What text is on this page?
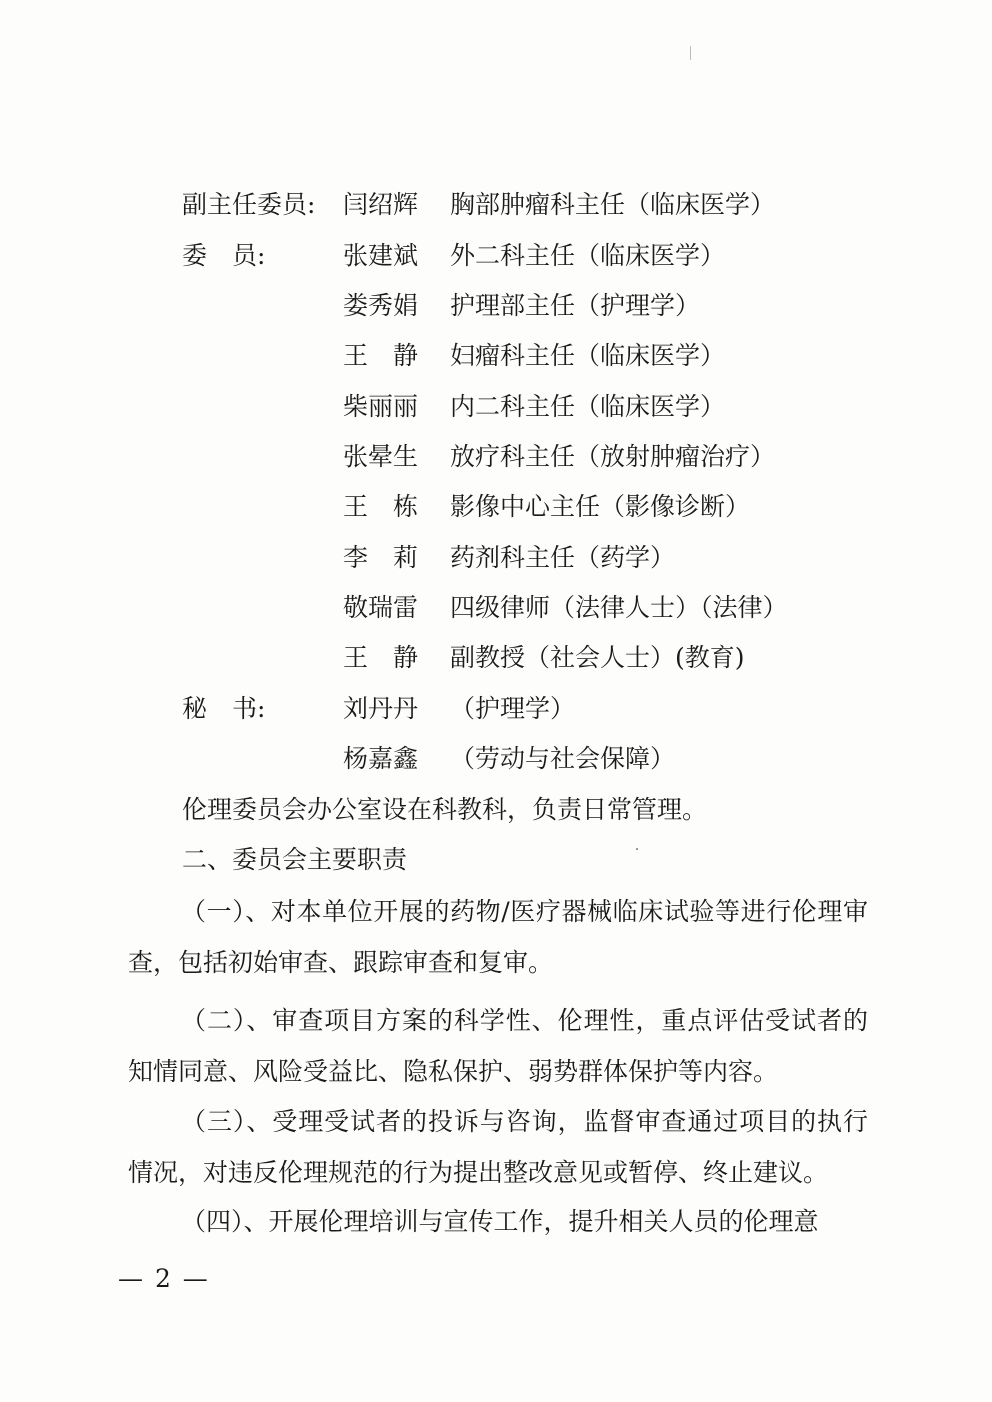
副主任委员: 闫绍辉 胸部肿瘤科主任（临床医学）
委　员:	张建斌 外二科主任（临床医学）
娄秀娟 护理部主任（护理学）
王　静 妇瘤科主任（临床医学）
柴丽丽 内二科主任（临床医学）
张晕生 放疗科主任（放射肿瘤治疗）
王　栋 影像中心主任（影像诊断）
李　莉 药剂科主任（药学）
敬瑞雷 四级律师（法律人士）（法律）
王　静 副教授（社会人士）(教育)
秘　书:	刘丹丹 （护理学）
杨嘉鑫 （劳动与社会保障）
伦理委员会办公室设在科教科，负责日常管理。
二、委员会主要职责
（一）、对本单位开展的药物/医疗器械临床试验等进行伦理审查，包括初始审查、跟踪审查和复审。
（二）、审查项目方案的科学性、伦理性，重点评估受试者的知情同意、风险受益比、隐私保护、弱势群体保护等内容。
（三）、受理受试者的投诉与咨询，监督审查通过项目的执行情况，对违反伦理规范的行为提出整改意见或暂停、终止建议。
（四）、开展伦理培训与宣传工作，提升相关人员的伦理意
— 2 —
